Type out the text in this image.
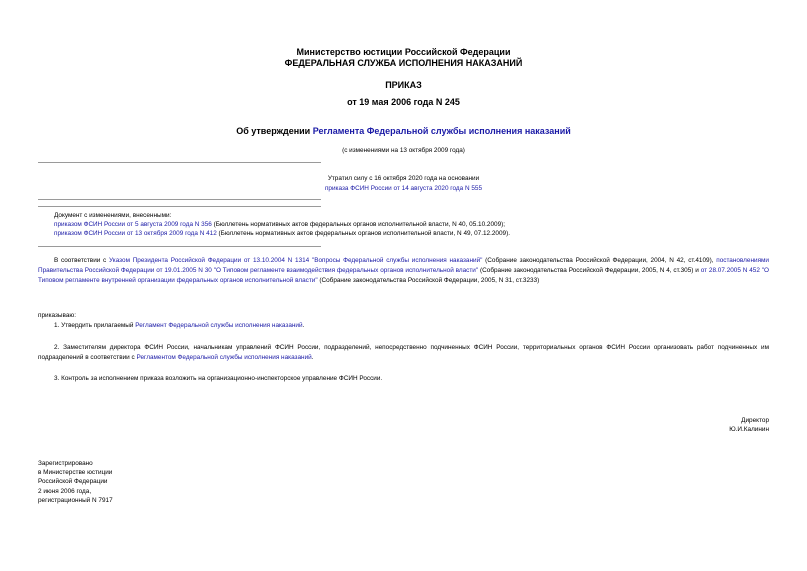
Министерство юстиции Российской Федерации
ФЕДЕРАЛЬНАЯ СЛУЖБА ИСПОЛНЕНИЯ НАКАЗАНИЙ
ПРИКАЗ
от 19 мая 2006 года N 245
Об утверждении Регламента Федеральной службы исполнения наказаний
(с изменениями на 13 октября 2009 года)
Утратил силу с 16 октября 2020 года на основании
приказа ФСИН России от 14 августа 2020 года N 555
Документ с изменениями, внесенными:
приказом ФСИН России от 5 августа 2009 года N 356 (Бюллетень нормативных актов федеральных органов исполнительной власти, N 40, 05.10.2009);
приказом ФСИН России от 13 октября 2009 года N 412 (Бюллетень нормативных актов федеральных органов исполнительной власти, N 49, 07.12.2009).
В соответствии с Указом Президента Российской Федерации от 13.10.2004 N 1314 "Вопросы Федеральной службы исполнения наказаний" (Собрание законодательства Российской Федерации, 2004, N 42, ст.4109), постановлениями Правительства Российской Федерации от 19.01.2005 N 30 "О Типовом регламенте взаимодействия федеральных органов исполнительной власти" (Собрание законодательства Российской Федерации, 2005, N 4, ст.305) и от 28.07.2005 N 452 "О Типовом регламенте внутренней организации федеральных органов исполнительной власти" (Собрание законодательства Российской Федерации, 2005, N 31, ст.3233)
приказываю:
1. Утвердить прилагаемый Регламент Федеральной службы исполнения наказаний.
2. Заместителям директора ФСИН России, начальникам управлений ФСИН России, подразделений, непосредственно подчиненных ФСИН России, территориальных органов ФСИН России организовать работ подчиненных им подразделений в соответствии с Регламентом Федеральной службы исполнения наказаний.
3. Контроль за исполнением приказа возложить на организационно-инспекторское управление ФСИН России.
Директор
Ю.И.Калинин
Зарегистрировано
в Министерстве юстиции
Российской Федерации
2 июня 2006 года,
регистрационный N 7917
